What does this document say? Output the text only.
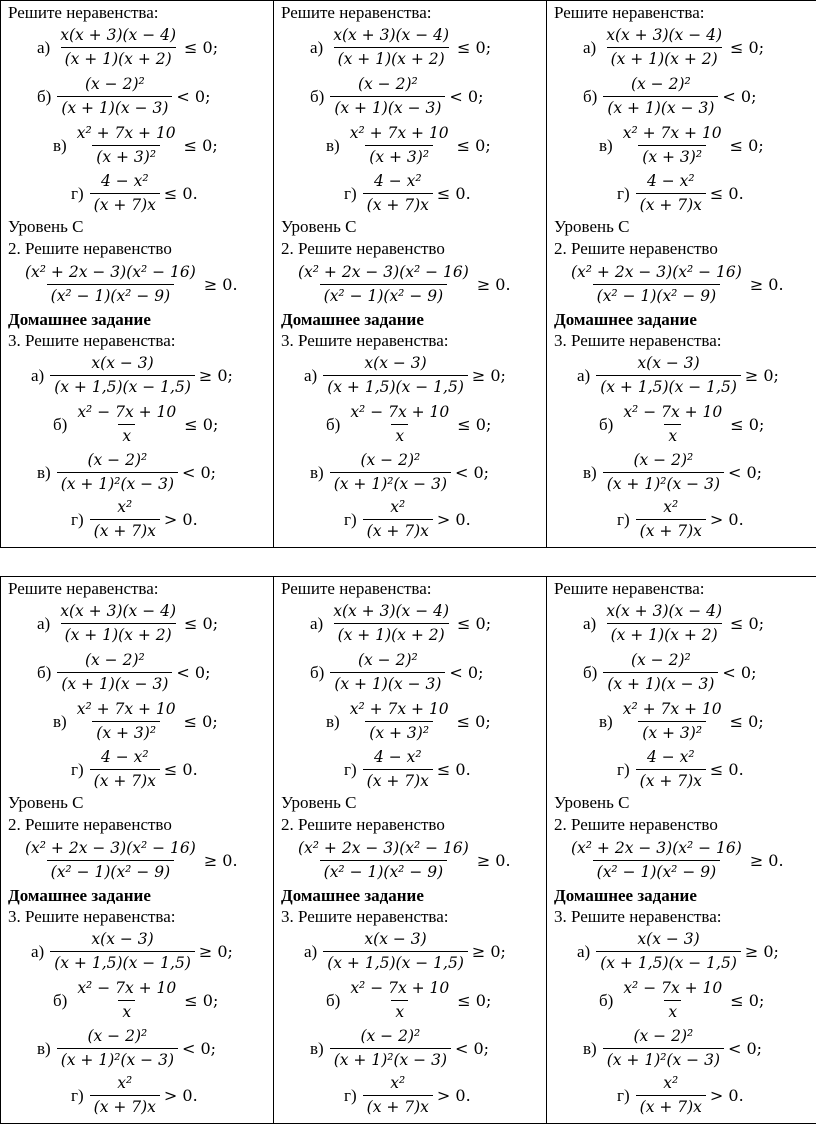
Решите неравенства:
$а) \frac{x(x + 3)(x - 4)}{(x + 1)(x + 2)} \le 0$;
$б) \frac{\text{(x − 2)²}}{(x + 1)(x - 3)} < 0$;
$в) \frac{\text{x² + 7x + 10}}{\text{(x + 3)²}} \le 0$;
$г) \frac{\text{4 − x²}}{(x + 7)x} \le 0$.
Уровень С
2. Решите неравенство
$\frac{\text{(x² + 2x − 3)(x² − 16)}}{\text{(x² − 1)(x² − 9)}} \ge 0$.
Домашнее задание
3. Решите неравенства:
$а) \frac{x(x - 3)}{(x + 1,5)(x - 1,5)} \ge 0$;
$б) \frac{\text{x² − 7x + 10}}{x} \le 0$;
$в) \frac{\text{(x − 2)²}}{\text{(x + 1)²(x − 3)}} < 0$;
$г) \frac{\text{x²}}{(x + 7)x} > 0$.

Решите неравенства:
$а) \frac{x(x + 3)(x - 4)}{(x + 1)(x + 2)} \le 0$;
$б) \frac{\text{(x − 2)²}}{(x + 1)(x - 3)} < 0$;
$в) \frac{\text{x² + 7x + 10}}{\text{(x + 3)²}} \le 0$;
$г) \frac{\text{4 − x²}}{(x + 7)x} \le 0$.
Уровень С
2. Решите неравенство
$\frac{\text{(x² + 2x − 3)(x² − 16)}}{\text{(x² − 1)(x² − 9)}} \ge 0$.
Домашнее задание
3. Решите неравенства:
$а) \frac{x(x - 3)}{(x + 1,5)(x - 1,5)} \ge 0$;
$б) \frac{\text{x² − 7x + 10}}{x} \le 0$;
$в) \frac{\text{(x − 2)²}}{\text{(x + 1)²(x − 3)}} < 0$;
$г) \frac{\text{x²}}{(x + 7)x} > 0$.

Решите неравенства:
$а) \frac{x(x + 3)(x - 4)}{(x + 1)(x + 2)} \le 0$;
$б) \frac{\text{(x − 2)²}}{(x + 1)(x - 3)} < 0$;
$в) \frac{\text{x² + 7x + 10}}{\text{(x + 3)²}} \le 0$;
$г) \frac{\text{4 − x²}}{(x + 7)x} \le 0$.
Уровень С
2. Решите неравенство
$\frac{\text{(x² + 2x − 3)(x² − 16)}}{\text{(x² − 1)(x² − 9)}} \ge 0$.
Домашнее задание
3. Решите неравенства:
$а) \frac{x(x - 3)}{(x + 1,5)(x - 1,5)} \ge 0$;
$б) \frac{\text{x² − 7x + 10}}{x} \le 0$;
$в) \frac{\text{(x − 2)²}}{\text{(x + 1)²(x − 3)}} < 0$;
$г) \frac{\text{x²}}{(x + 7)x} > 0$.
Решите неравенства:
$а) \frac{x(x + 3)(x - 4)}{(x + 1)(x + 2)} \le 0$;
$б) \frac{\text{(x − 2)²}}{(x + 1)(x - 3)} < 0$;
$в) \frac{\text{x² + 7x + 10}}{\text{(x + 3)²}} \le 0$;
$г) \frac{\text{4 − x²}}{(x + 7)x} \le 0$.
Уровень С
2. Решите неравенство
$\frac{\text{(x² + 2x − 3)(x² − 16)}}{\text{(x² − 1)(x² − 9)}} \ge 0$.
Домашнее задание
3. Решите неравенства:
$а) \frac{x(x - 3)}{(x + 1,5)(x - 1,5)} \ge 0$;
$б) \frac{\text{x² − 7x + 10}}{x} \le 0$;
$в) \frac{\text{(x − 2)²}}{\text{(x + 1)²(x − 3)}} < 0$;
$г) \frac{\text{x²}}{(x + 7)x} > 0$.

Решите неравенства:
$а) \frac{x(x + 3)(x - 4)}{(x + 1)(x + 2)} \le 0$;
$б) \frac{\text{(x − 2)²}}{(x + 1)(x - 3)} < 0$;
$в) \frac{\text{x² + 7x + 10}}{\text{(x + 3)²}} \le 0$;
$г) \frac{\text{4 − x²}}{(x + 7)x} \le 0$.
Уровень С
2. Решите неравенство
$\frac{\text{(x² + 2x − 3)(x² − 16)}}{\text{(x² − 1)(x² − 9)}} \ge 0$.
Домашнее задание
3. Решите неравенства:
$а) \frac{x(x - 3)}{(x + 1,5)(x - 1,5)} \ge 0$;
$б) \frac{\text{x² − 7x + 10}}{x} \le 0$;
$в) \frac{\text{(x − 2)²}}{\text{(x + 1)²(x − 3)}} < 0$;
$г) \frac{\text{x²}}{(x + 7)x} > 0$.

Решите неравенства:
$а) \frac{x(x + 3)(x - 4)}{(x + 1)(x + 2)} \le 0$;
$б) \frac{\text{(x − 2)²}}{(x + 1)(x - 3)} < 0$;
$в) \frac{\text{x² + 7x + 10}}{\text{(x + 3)²}} \le 0$;
$г) \frac{\text{4 − x²}}{(x + 7)x} \le 0$.
Уровень С
2. Решите неравенство
$\frac{\text{(x² + 2x − 3)(x² − 16)}}{\text{(x² − 1)(x² − 9)}} \ge 0$.
Домашнее задание
3. Решите неравенства:
$а) \frac{x(x - 3)}{(x + 1,5)(x - 1,5)} \ge 0$;
$б) \frac{\text{x² − 7x + 10}}{x} \le 0$;
$в) \frac{\text{(x − 2)²}}{\text{(x + 1)²(x − 3)}} < 0$;
$г) \frac{\text{x²}}{(x + 7)x} > 0$.
